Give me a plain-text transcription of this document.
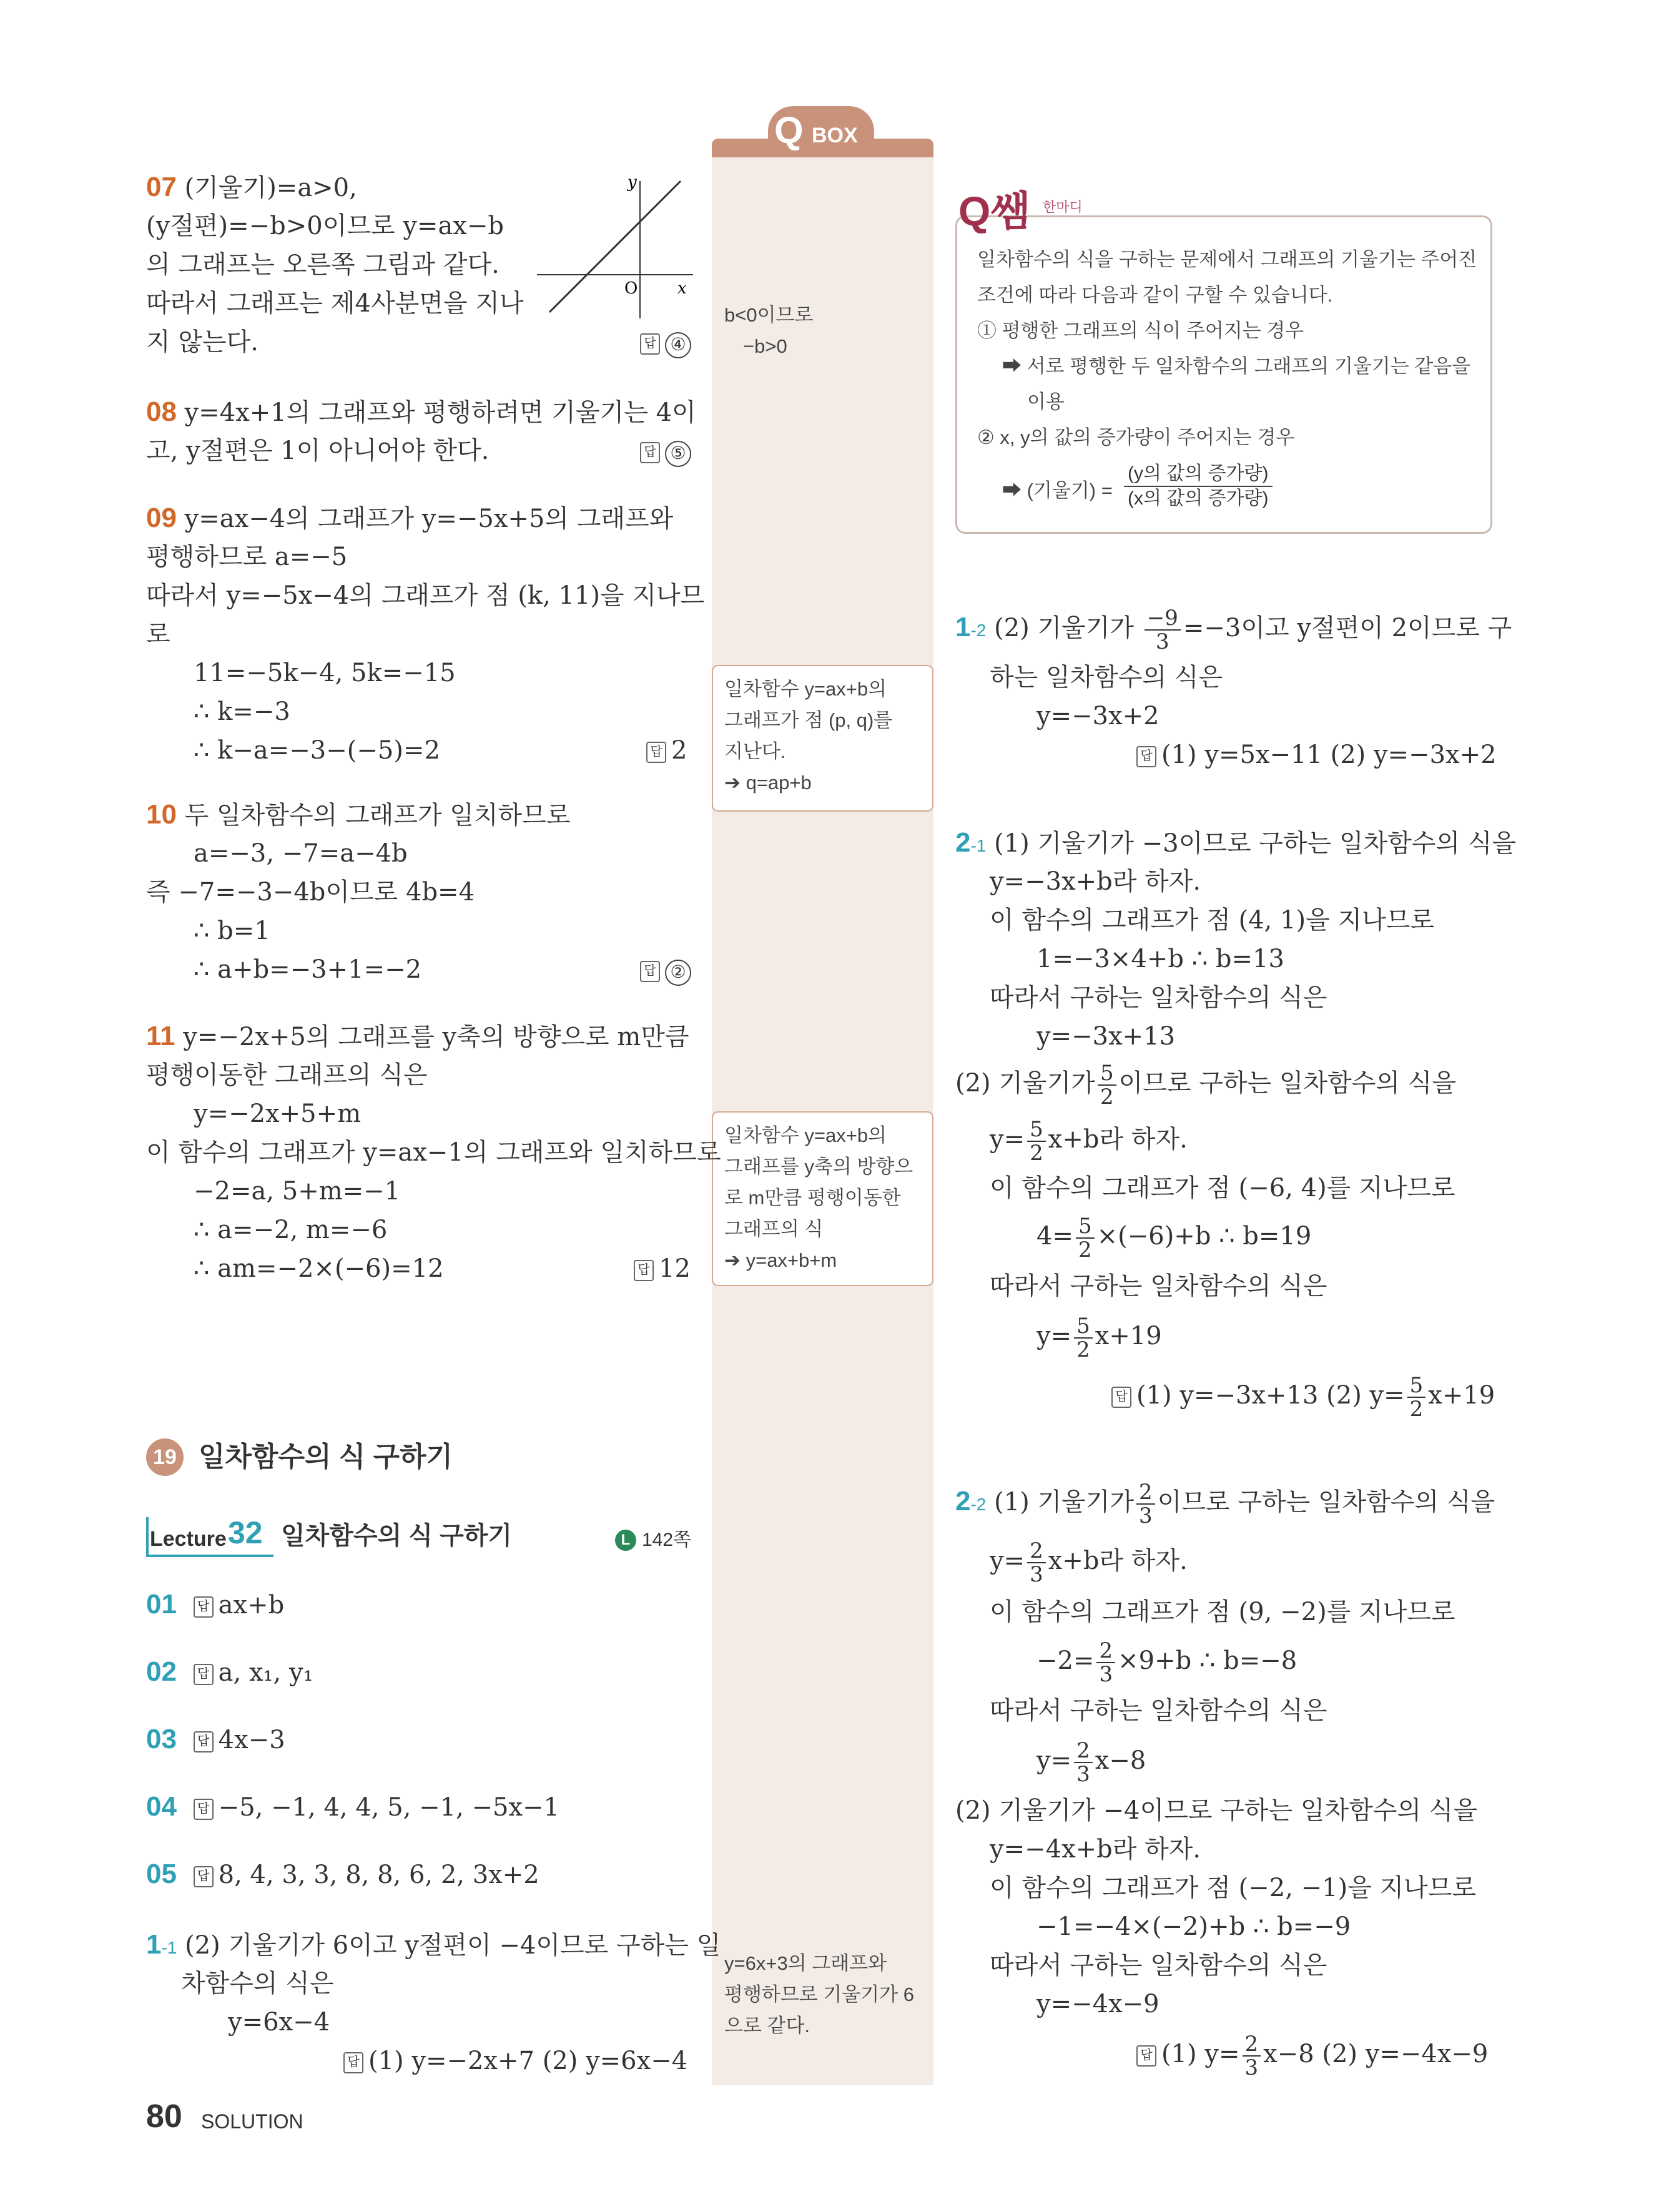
Q BOX
b<0이므로
−b>0
일차함수 y=ax+b의
그래프가 점 (p, q)를
지난다.
➔ q=ap+b
일차함수 y=ax+b의
그래프를 y축의 방향으
로 m만큼 평행이동한
그래프의 식
➔ y=ax+b+m
y=6x+3의 그래프와
평행하므로 기울기가 6
으로 같다.
07 (기울기)=a>0,
(y절편)=−b>0이므로 y=ax−b
의 그래프는 오른쪽 그림과 같다.
따라서 그래프는 제4사분면을 지나
지 않는다.	답 ④
y
x
O
08 y=4x+1의 그래프와 평행하려면 기울기는 4이
고, y절편은 1이 아니어야 한다.	답 ⑤
09 y=ax−4의 그래프가 y=−5x+5의 그래프와
평행하므로 a=−5
따라서 y=−5x−4의 그래프가 점 (k, 11)을 지나므
로
11=−5k−4, 5k=−15
∴ k=−3
∴ k−a=−3−(−5)=2	답 2
10 두 일차함수의 그래프가 일치하므로
a=−3, −7=a−4b
즉 −7=−3−4b이므로 4b=4
∴ b=1
∴ a+b=−3+1=−2	답 ②
11 y=−2x+5의 그래프를 y축의 방향으로 m만큼
평행이동한 그래프의 식은
y=−2x+5+m
이 함수의 그래프가 y=ax−1의 그래프와 일치하므로
−2=a, 5+m=−1
∴ a=−2, m=−6
∴ am=−2×(−6)=12	답 12
19 일차함수의 식 구하기
Lecture 32 일차함수의 식 구하기	L 142쪽
01 답 ax+b
02 답 a, x₁, y₁
03 답 4x−3
04 답 −5, −1, 4, 4, 5, −1, −5x−1
05 답 8, 4, 3, 3, 8, 8, 6, 2, 3x+2
1-1 (2) 기울기가 6이고 y절편이 −4이므로 구하는 일
차함수의 식은
y=6x−4
답 (1) y=−2x+7 (2) y=6x−4
80 SOLUTION
Q쌤 한마디
일차함수의 식을 구하는 문제에서 그래프의 기울기는 주어진
조건에 따라 다음과 같이 구할 수 있습니다.
① 평행한 그래프의 식이 주어지는 경우
➡ 서로 평행한 두 일차함수의 그래프의 기울기는 같음을
이용
② x, y의 값의 증가량이 주어지는 경우
➡ (기울기) =
(y의 값의 증가량)
(x의 값의 증가량)
1-2 (2) 기울기가 $\frac{-9}{3} =-3$이고 y절편이 2이므로 구
하는 일차함수의 식은
y=−3x+2
답 (1) y=5x−11 (2) y=−3x+2
2-1 (1) 기울기가 −3이므로 구하는 일차함수의 식을
y=−3x+b라 하자.
이 함수의 그래프가 점 (4, 1)을 지나므로
1=−3×4+b ∴ b=13
따라서 구하는 일차함수의 식은
y=−3x+13
(2) 기울기가 $\frac{5}{2}$ 이므로 구하는 일차함수의 식을
$y= \frac{5}{2} x+b$라 하자.
이 함수의 그래프가 점 (−6, 4)를 지나므로
$4= \frac{5}{2} \times(-6)+b$ ∴ b=19
따라서 구하는 일차함수의 식은
$y= \frac{5}{2} x+19$
답 (1) y=−3x+13 (2) $y= \frac{5}{2} x+19$
2-2 (1) 기울기가 $\frac{2}{3}$ 이므로 구하는 일차함수의 식을
$y= \frac{2}{3} x+b$라 하자.
이 함수의 그래프가 점 (9, −2)를 지나므로
$-2= \frac{2}{3} \times 9+b$ ∴ b=−8
따라서 구하는 일차함수의 식은
$y= \frac{2}{3} x-8$
(2) 기울기가 −4이므로 구하는 일차함수의 식을
y=−4x+b라 하자.
이 함수의 그래프가 점 (−2, −1)을 지나므로
−1=−4×(−2)+b ∴ b=−9
따라서 구하는 일차함수의 식은
y=−4x−9
답 (1) $y= \frac{2}{3} x-8$ (2) y=−4x−9
